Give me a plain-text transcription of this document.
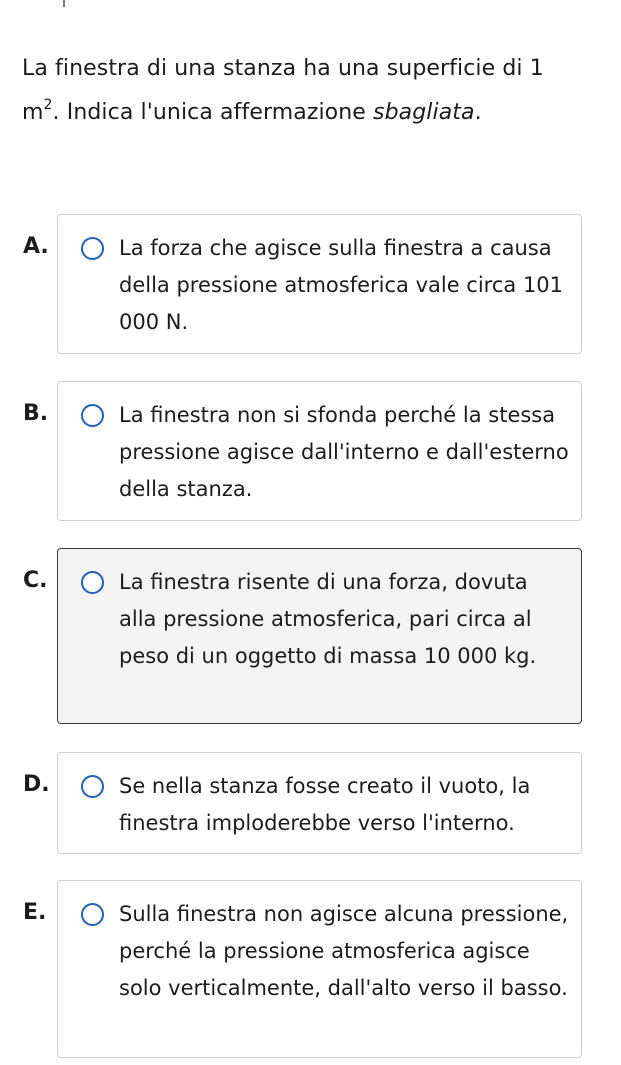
La finestra di una stanza ha una superficie di 1 $m^2$. Indica l'unica affermazione sbagliata.
A.	La forza che agisce sulla finestra a causa della pressione atmosferica vale circa 101 000 N.
B.	La finestra non si sfonda perché la stessa pressione agisce dall'interno e dall'esterno della stanza.
C.	La finestra risente di una forza, dovuta alla pressione atmosferica, pari circa al peso di un oggetto di massa 10 000 kg.
D.	Se nella stanza fosse creato il vuoto, la finestra imploderebbe verso l'interno.
E.	Sulla finestra non agisce alcuna pressione, perché la pressione atmosferica agisce solo verticalmente, dall'alto verso il basso.
